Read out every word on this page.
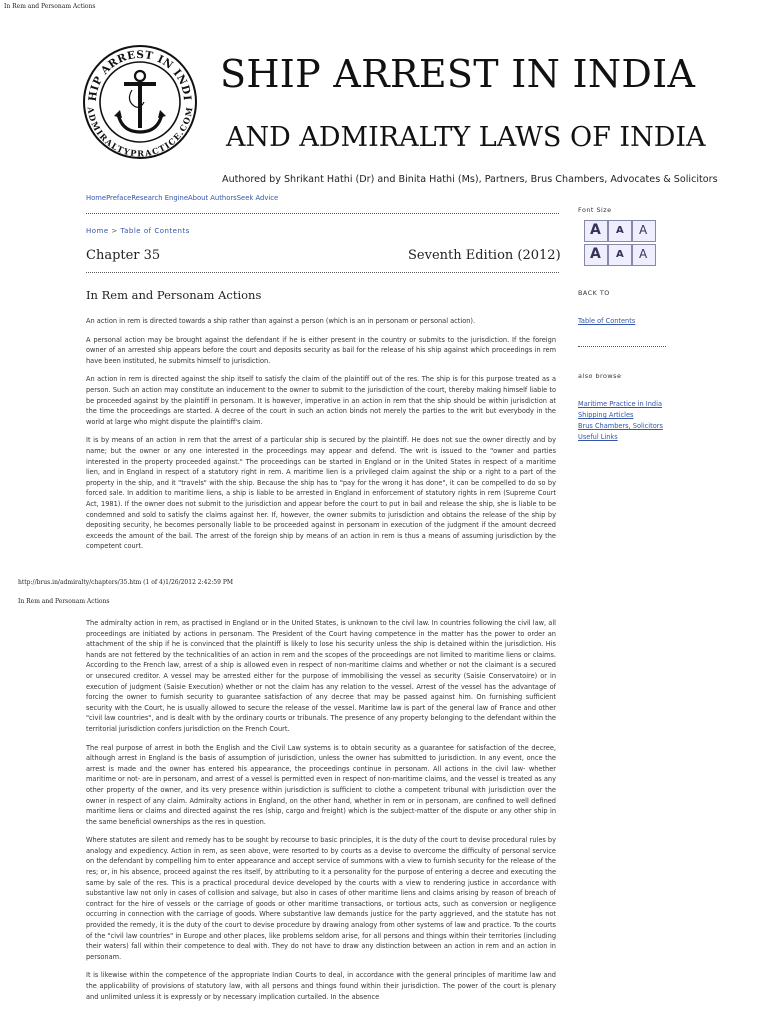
In Rem and Personam Actions
HIP ARREST IN INDI
ADMIRALTYPRACTICE.COM
SHIP ARREST IN INDIA
AND ADMIRALTY LAWS OF INDIA
Authored by Shrikant Hathi (Dr) and Binita Hathi (Ms), Partners, Brus Chambers, Advocates & Solicitors
HomePrefaceResearch EngineAbout AuthorsSeek Advice
Home > Table of Contents
Chapter 35	Seventh Edition (2012)
In Rem and Personam Actions

An action in rem is directed towards a ship rather than against a person (which is an in personam or personal action).

A personal action may be brought against the defendant if he is either present in the country or submits to the jurisdiction. If the foreign owner of an arrested ship appears before the court and deposits security as bail for the release of his ship against which proceedings in rem have been instituted, he submits himself to jurisdiction.

An action in rem is directed against the ship itself to satisfy the claim of the plaintiff out of the res. The ship is for this purpose treated as a person. Such an action may constitute an inducement to the owner to submit to the jurisdiction of the court, thereby making himself liable to be proceeded against by the plaintiff in personam. It is however, imperative in an action in rem that the ship should be within jurisdiction at the time the proceedings are started. A decree of the court in such an action binds not merely the parties to the writ but everybody in the world at large who might dispute the plaintiff's claim.

It is by means of an action in rem that the arrest of a particular ship is secured by the plaintiff. He does not sue the owner directly and by name; but the owner or any one interested in the proceedings may appear and defend. The writ is issued to the "owner and parties interested in the property proceeded against." The proceedings can be started in England or in the United States in respect of a maritime lien, and in England in respect of a statutory right in rem. A maritime lien is a privileged claim against the ship or a right to a part of the property in the ship, and it "travels" with the ship. Because the ship has to "pay for the wrong it has done", it can be compelled to do so by forced sale. In addition to maritime liens, a ship is liable to be arrested in England in enforcement of statutory rights in rem (Supreme Court Act, 1981). If the owner does not submit to the jurisdiction and appear before the court to put in bail and release the ship, she is liable to be condemned and sold to satisfy the claims against her. If, however, the owner submits to jurisdiction and obtains the release of the ship by depositing security, he becomes personally liable to be proceeded against in personam in execution of the judgment if the amount decreed exceeds the amount of the bail. The arrest of the foreign ship by means of an action in rem is thus a means of assuming jurisdiction by the competent court.

Font Size
A A A
A A A
BACK TO
Table of Contents
also browse
Maritime Practice in India
Shipping Articles
Brus Chambers, Solicitors
Useful Links
http://brus.in/admiralty/chapters/35.htm (1 of 4)1/26/2012 2:42:59 PM
In Rem and Personam Actions

The admiralty action in rem, as practised in England or in the United States, is unknown to the civil law. In countries following the civil law, all proceedings are initiated by actions in personam. The President of the Court having competence in the matter has the power to order an attachment of the ship if he is convinced that the plaintiff is likely to lose his security unless the ship is detained within the jurisdiction. His hands are not fettered by the technicalities of an action in rem and the scopes of the proceedings are not limited to maritime liens or claims. According to the French law, arrest of a ship is allowed even in respect of non-maritime claims and whether or not the claimant is a secured or unsecured creditor. A vessel may be arrested either for the purpose of immobilising the vessel as security (Saisie Conservatoire) or in execution of judgment (Saisie Execution) whether or not the claim has any relation to the vessel. Arrest of the vessel has the advantage of forcing the owner to furnish security to guarantee satisfaction of any decree that may be passed against him. On furnishing sufficient security with the Court, he is usually allowed to secure the release of the vessel. Maritime law is part of the general law of France and other "civil law countries", and is dealt with by the ordinary courts or tribunals. The presence of any property belonging to the defendant within the territorial jurisdiction confers jurisdiction on the French Court.

The real purpose of arrest in both the English and the Civil Law systems is to obtain security as a guarantee for satisfaction of the decree, although arrest in England is the basis of assumption of jurisdiction, unless the owner has submitted to jurisdiction. In any event, once the arrest is made and the owner has entered his appearance, the proceedings continue in personam. All actions in the civil law- whether maritime or not- are in personam, and arrest of a vessel is permitted even in respect of non-maritime claims, and the vessel is treated as any other property of the owner, and its very presence within jurisdiction is sufficient to clothe a competent tribunal with jurisdiction over the owner in respect of any claim. Admiralty actions in England, on the other hand, whether in rem or in personam, are confined to well defined maritime liens or claims and directed against the res (ship, cargo and freight) which is the subject-matter of the dispute or any other ship in the same beneficial ownerships as the res in question.

Where statutes are silent and remedy has to be sought by recourse to basic principles, it is the duty of the court to devise procedural rules by analogy and expediency. Action in rem, as seen above, were resorted to by courts as a devise to overcome the difficulty of personal service on the defendant by compelling him to enter appearance and accept service of summons with a view to furnish security for the release of the res; or, in his absence, proceed against the res itself, by attributing to it a personality for the purpose of entering a decree and executing the same by sale of the res. This is a practical procedural device developed by the courts with a view to rendering justice in accordance with substantive law not only in cases of collision and salvage, but also in cases of other maritime liens and claims arising by reason of breach of contract for the hire of vessels or the carriage of goods or other maritime transactions, or tortious acts, such as conversion or negligence occurring in connection with the carriage of goods. Where substantive law demands justice for the party aggrieved, and the statute has not provided the remedy, it is the duty of the court to devise procedure by drawing analogy from other systems of law and practice. To the courts of the "civil law countries" in Europe and other places, like problems seldom arise, for all persons and things within their territories (including their waters) fall within their competence to deal with. They do not have to draw any distinction between an action in rem and an action in personam.

It is likewise within the competence of the appropriate Indian Courts to deal, in accordance with the general principles of maritime law and the applicability of provisions of statutory law, with all persons and things found within their jurisdiction. The power of the court is plenary and unlimited unless it is expressly or by necessary implication curtailed. In the absence
